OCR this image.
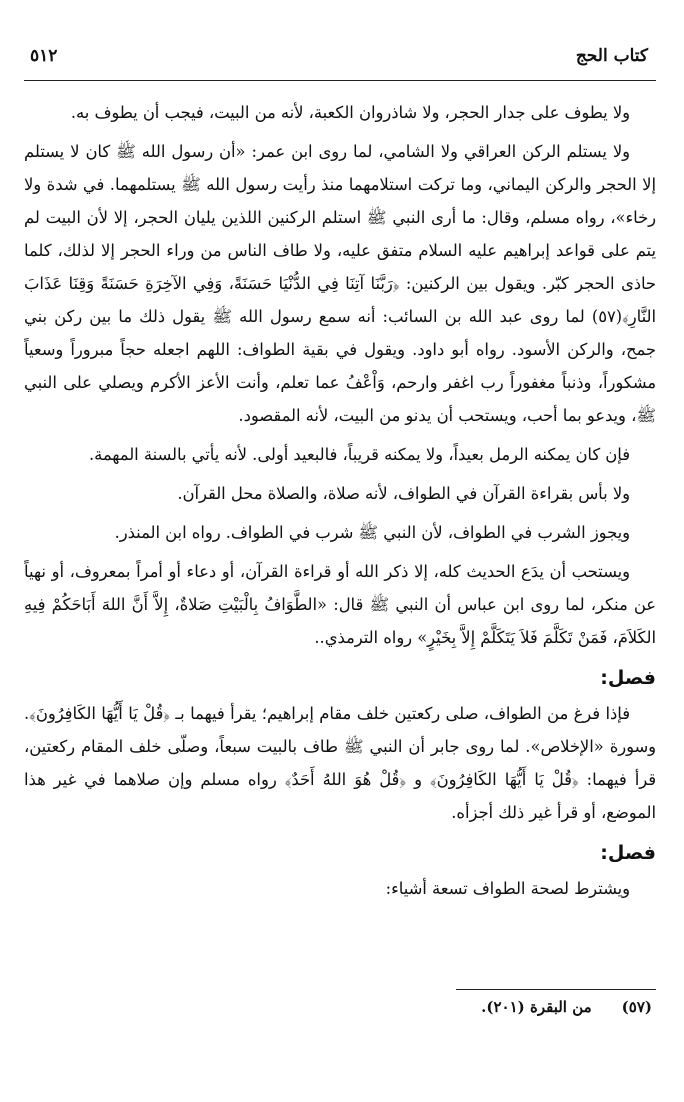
كتاب الحج
٥١٢

ولا يطوف على جدار الحجر، ولا شاذروان الكعبة، لأنه من البيت، فيجب أن يطوف به.

ولا يستلم الركن العراقي ولا الشامي، لما روى ابن عمر: «أن رسول الله ﷺ كان لا يستلم إلا الحجر والركن اليماني، وما تركت استلامهما منذ رأيت رسول الله ﷺ يستلمهما. في شدة ولا رخاء»، رواه مسلم، وقال: ما أرى النبي ﷺ استلم الركنين اللذين يليان الحجر، إلا لأن البيت لم يتم على قواعد إبراهيم عليه السلام متفق عليه، ولا طاف الناس من وراء الحجر إلا لذلك، كلما حاذى الحجر كبّر. ويقول بين الركنين: ﴿رَبَّنَا آتِنَا فِي الدُّنْيَا حَسَنَةً، وَفِي الآخِرَةِ حَسَنَةً وَقِنَا عَذَابَ النَّارِ﴾(٥٧) لما روى عبد الله بن السائب: أنه سمع رسول الله ﷺ يقول ذلك ما بين ركن بني جمح، والركن الأسود. رواه أبو داود. ويقول في بقية الطواف: اللهم اجعله حجاً مبروراً وسعياً مشكوراً، وذنباً مغفوراً رب اغفر وارحم، وَاْعْفُ عما تعلم، وأنت الأعز الأكرم ويصلي على النبي ﷺ، ويدعو بما أحب، ويستحب أن يدنو من البيت، لأنه المقصود.

فإن كان يمكنه الرمل بعيداً، ولا يمكنه قريباً، فالبعيد أولى. لأنه يأتي بالسنة المهمة.

ولا بأس بقراءة القرآن في الطواف، لأنه صلاة، والصلاة محل القرآن.

ويجوز الشرب في الطواف، لأن النبي ﷺ شرب في الطواف. رواه ابن المنذر.

ويستحب أن يدَع الحديث كله، إلا ذكر الله أو قراءة القرآن، أو دعاء أو أمراً بمعروف، أو نهياً عن منكر، لما روى ابن عباس أن النبي ﷺ قال: «الطَّوَافُ بِالْبَيْتِ صَلاةٌ، إِلاَّ أَنَّ اللهَ أَبَاحَكُمْ فِيهِ الكَلاَمَ، فَمَنْ تَكَلَّمَ فَلاَ يَتَكَلَّمْ إِلاَّ بِخَيْرٍ» رواه الترمذي..

فصل:

فإذا فرغ من الطواف، صلى ركعتين خلف مقام إبراهيم؛ يقرأ فيهما بـ ﴿قُلْ يَا أَيُّهَا الكَافِرُونَ﴾. وسورة «الإخلاص». لما روى جابر أن النبي ﷺ طاف بالبيت سبعاً، وصلّى خلف المقام ركعتين، قرأ فيهما: ﴿قُلْ يَا أَيُّهَا الكَافِرُونَ﴾ و ﴿قُلْ هُوَ اللهُ أَحَدٌ﴾ رواه مسلم وإن صلاهما في غير هذا الموضع، أو قرأ غير ذلك أجزأه.

فصل:

ويشترط لصحة الطواف تسعة أشياء:

(٥٧)
من البقرة (٢٠١).
